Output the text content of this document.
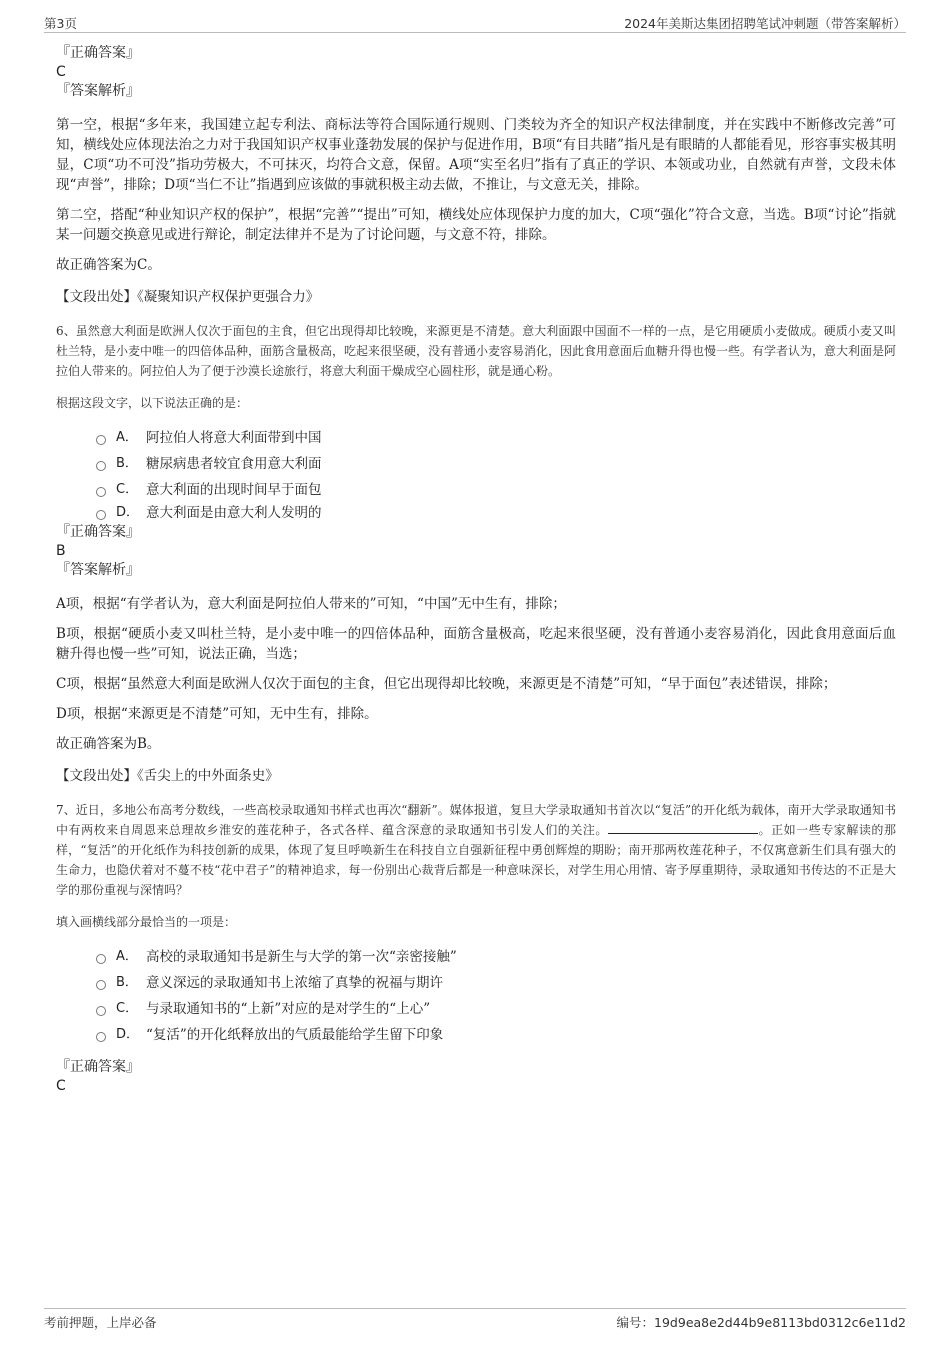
第3页	2024年美斯达集团招聘笔试冲刺题（带答案解析）
『正确答案』
C
『答案解析』

第一空，根据“多年来，我国建立起专利法、商标法等符合国际通行规则、门类较为齐全的知识产权法律制度，并在实践中不断修改完善”可知，横线处应体现法治之力对于我国知识产权事业蓬勃发展的保护与促进作用，B项“有目共睹”指凡是有眼睛的人都能看见，形容事实极其明显，C项“功不可没”指功劳极大，不可抹灭，均符合文意，保留。A项“实至名归”指有了真正的学识、本领或功业，自然就有声誉，文段未体现“声誉”，排除；D项“当仁不让”指遇到应该做的事就积极主动去做，不推让，与文意无关，排除。

第二空，搭配“种业知识产权的保护”，根据“完善”“提出”可知，横线处应体现保护力度的加大，C项“强化”符合文意，当选。B项“讨论”指就某一问题交换意见或进行辩论，制定法律并不是为了讨论问题，与文意不符，排除。

故正确答案为C。

【文段出处】《凝聚知识产权保护更强合力》

6、虽然意大利面是欧洲人仅次于面包的主食，但它出现得却比较晚，来源更是不清楚。意大利面跟中国面不一样的一点，是它用硬质小麦做成。硬质小麦又叫杜兰特，是小麦中唯一的四倍体品种，面筋含量极高，吃起来很坚硬，没有普通小麦容易消化，因此食用意面后血糖升得也慢一些。有学者认为，意大利面是阿拉伯人带来的。阿拉伯人为了便于沙漠长途旅行，将意大利面干燥成空心圆柱形，就是通心粉。

根据这段文字，以下说法正确的是：

A． 阿拉伯人将意大利面带到中国
B． 糖尿病患者较宜食用意大利面
C． 意大利面的出现时间早于面包
D． 意大利面是由意大利人发明的
『正确答案』
B
『答案解析』

A项，根据“有学者认为，意大利面是阿拉伯人带来的”可知，“中国”无中生有，排除；

B项，根据“硬质小麦又叫杜兰特，是小麦中唯一的四倍体品种，面筋含量极高，吃起来很坚硬，没有普通小麦容易消化，因此食用意面后血糖升得也慢一些”可知，说法正确，当选；

C项，根据“虽然意大利面是欧洲人仅次于面包的主食，但它出现得却比较晚，来源更是不清楚”可知，“早于面包”表述错误，排除；

D项，根据“来源更是不清楚”可知，无中生有，排除。

故正确答案为B。

【文段出处】《舌尖上的中外面条史》

7、近日，多地公布高考分数线，一些高校录取通知书样式也再次“翻新”。媒体报道，复旦大学录取通知书首次以“复活”的开化纸为载体，南开大学录取通知书中有两枚来自周恩来总理故乡淮安的莲花种子，各式各样、蕴含深意的录取通知书引发人们的关注。	。正如一些专家解读的那样，“复活”的开化纸作为科技创新的成果，体现了复旦呼唤新生在科技自立自强新征程中勇创辉煌的期盼；南开那两枚莲花种子，不仅寓意新生们具有强大的生命力，也隐伏着对不蔓不枝“花中君子”的精神追求，每一份别出心裁背后都是一种意味深长，对学生用心用情、寄予厚重期待，录取通知书传达的不正是大学的那份重视与深情吗？

填入画横线部分最恰当的一项是：

A． 高校的录取通知书是新生与大学的第一次“亲密接触”
B． 意义深远的录取通知书上浓缩了真挚的祝福与期许
C． 与录取通知书的“上新”对应的是对学生的“上心”
D． “复活”的开化纸释放出的气质最能给学生留下印象
『正确答案』
C
考前押题，上岸必备	编号：19d9ea8e2d44b9e8113bd0312c6e11d2
